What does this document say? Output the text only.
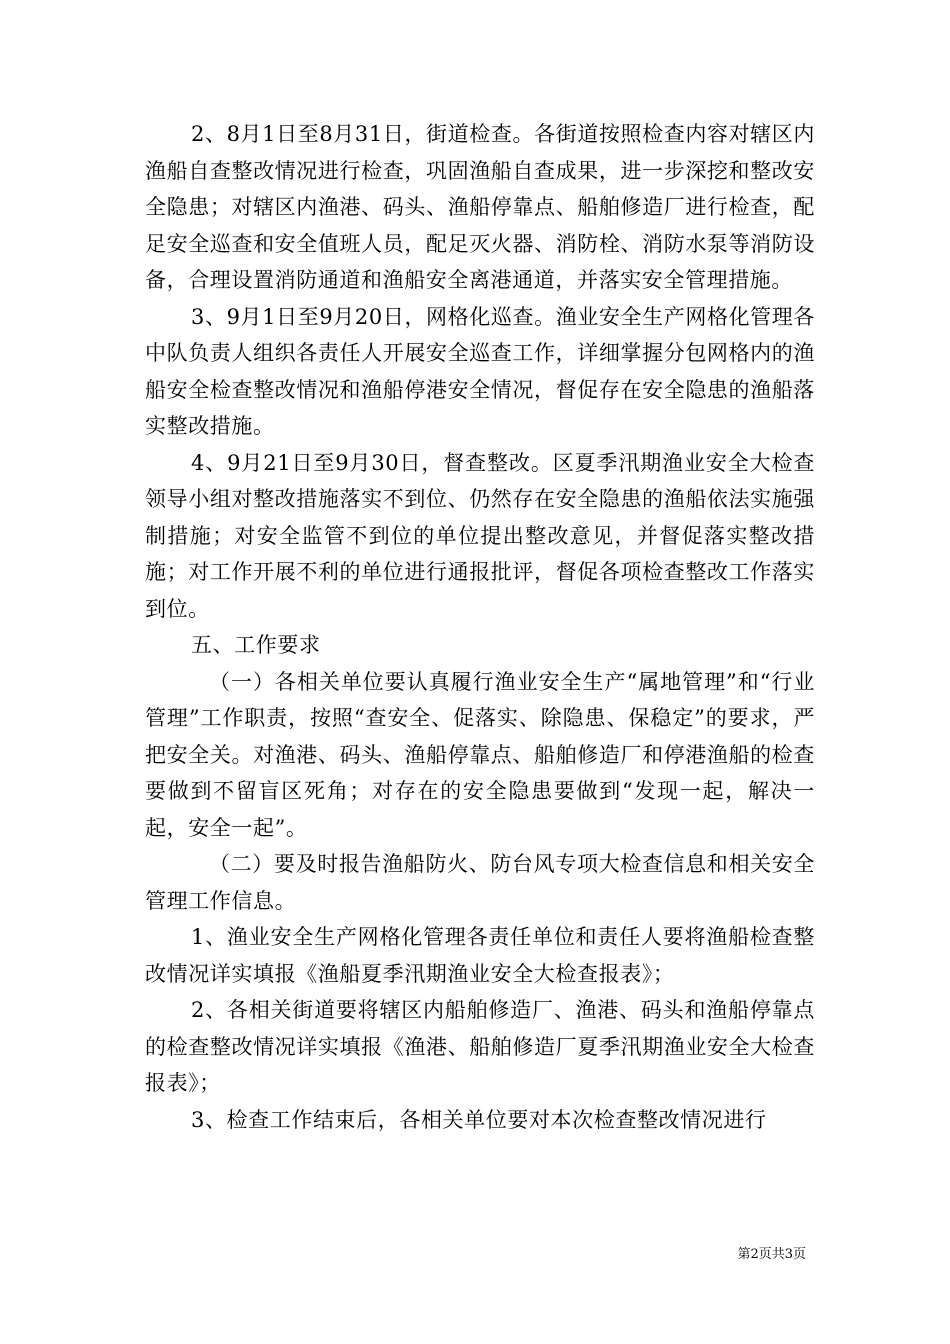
2、8月1日至8月31日，街道检查。各街道按照检查内容对辖区内渔船自查整改情况进行检查，巩固渔船自查成果，进一步深挖和整改安全隐患；对辖区内渔港、码头、渔船停靠点、船舶修造厂进行检查，配足安全巡查和安全值班人员，配足灭火器、消防栓、消防水泵等消防设备，合理设置消防通道和渔船安全离港通道，并落实安全管理措施。

3、9月1日至9月20日，网格化巡查。渔业安全生产网格化管理各中队负责人组织各责任人开展安全巡查工作，详细掌握分包网格内的渔船安全检查整改情况和渔船停港安全情况，督促存在安全隐患的渔船落实整改措施。

4、9月21日至9月30日，督查整改。区夏季汛期渔业安全大检查领导小组对整改措施落实不到位、仍然存在安全隐患的渔船依法实施强制措施；对安全监管不到位的单位提出整改意见，并督促落实整改措施；对工作开展不利的单位进行通报批评，督促各项检查整改工作落实到位。

五、工作要求

（一）各相关单位要认真履行渔业安全生产“属地管理”和“行业管理”工作职责，按照“查安全、促落实、除隐患、保稳定”的要求，严把安全关。对渔港、码头、渔船停靠点、船舶修造厂和停港渔船的检查要做到不留盲区死角；对存在的安全隐患要做到“发现一起，解决一起，安全一起”。

（二）要及时报告渔船防火、防台风专项大检查信息和相关安全管理工作信息。

1、渔业安全生产网格化管理各责任单位和责任人要将渔船检查整改情况详实填报《渔船夏季汛期渔业安全大检查报表》；

2、各相关街道要将辖区内船舶修造厂、渔港、码头和渔船停靠点的检查整改情况详实填报《渔港、船舶修造厂夏季汛期渔业安全大检查报表》；

3、检查工作结束后，各相关单位要对本次检查整改情况进行

第2页共3页
